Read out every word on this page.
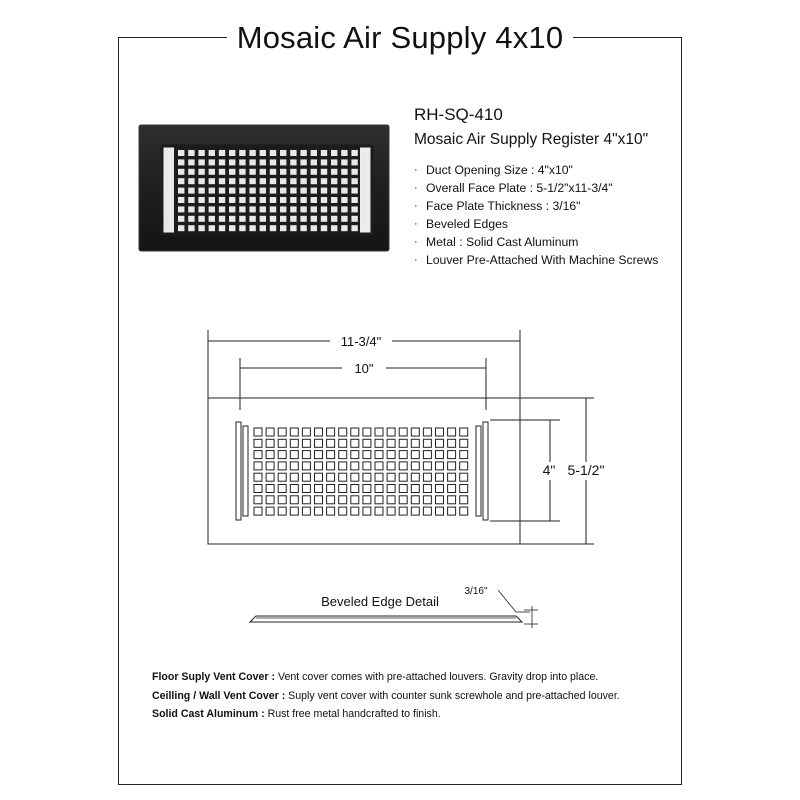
Mosaic Air Supply 4x10
RH-SQ-410
Mosaic Air Supply Register 4"x10"
· Duct Opening Size : 4"x10"
· Overall Face Plate : 5-1/2"x11-3/4"
· Face Plate Thickness : 3/16"
· Beveled Edges
· Metal : Solid Cast Aluminum
· Louver Pre-Attached With Machine Screws
11-3/4"
10"
4" 5-1/2"
Beveled Edge Detail
3/16"
Floor Suply Vent Cover : Vent cover comes with pre-attached louvers. Gravity drop into place.
Ceilling / Wall Vent Cover : Suply vent cover with counter sunk screwhole and pre-attached louver.
Solid Cast Aluminum : Rust free metal handcrafted to finish.
